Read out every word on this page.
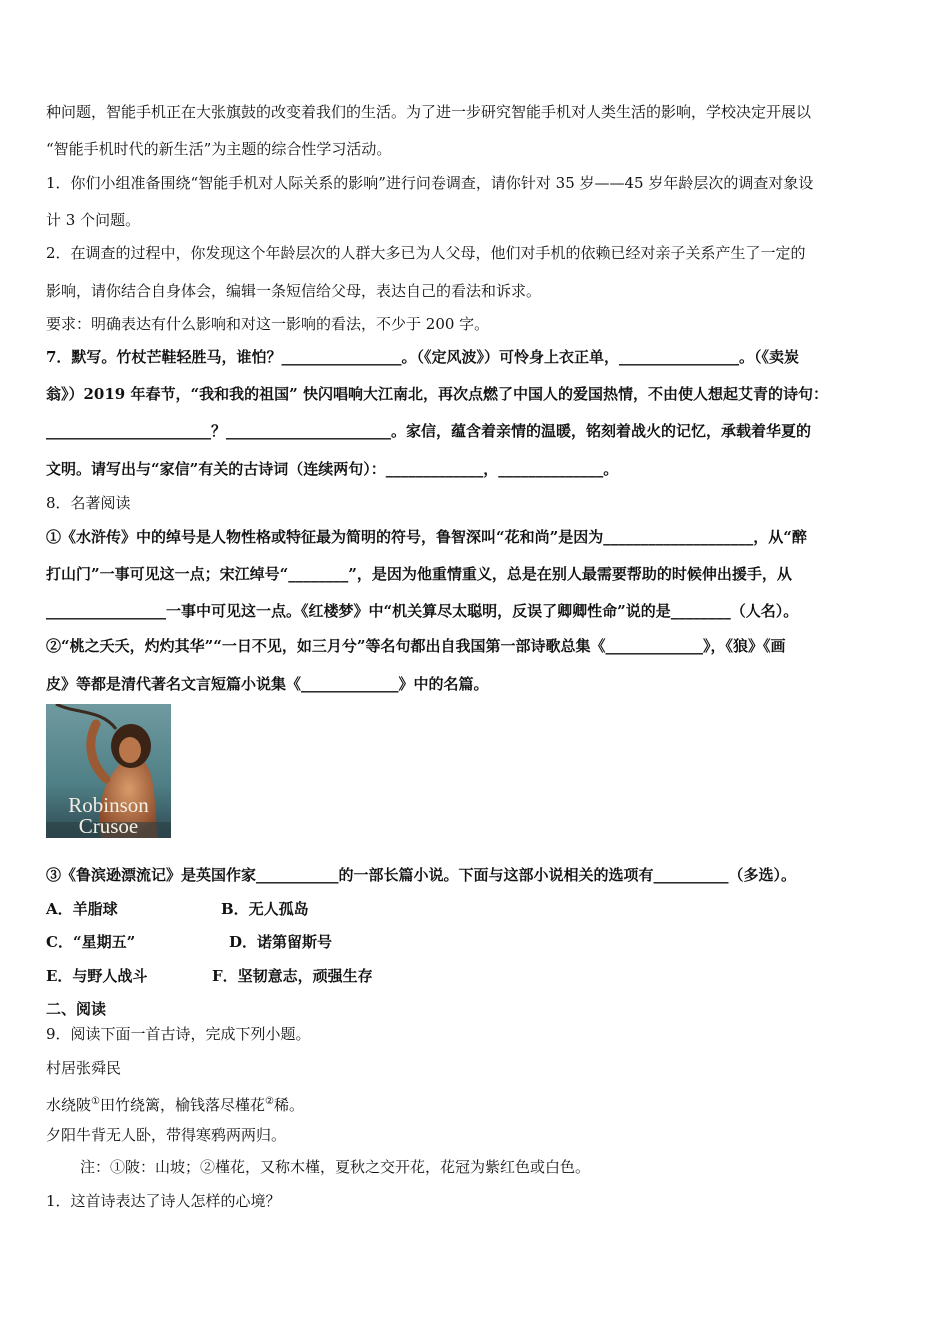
种问题，智能手机正在大张旗鼓的改变着我们的生活。为了进一步研究智能手机对人类生活的影响，学校决定开展以
“智能手机时代的新生活”为主题的综合性学习活动。
1．你们小组准备围绕“智能手机对人际关系的影响”进行问卷调查，请你针对 35 岁——45 岁年龄层次的调查对象设
计 3 个问题。
2．在调查的过程中，你发现这个年龄层次的人群大多已为人父母，他们对手机的依赖已经对亲子关系产生了一定的
影响，请你结合自身体会，编辑一条短信给父母，表达自己的看法和诉求。
要求：明确表达有什么影响和对这一影响的看法，不少于 200 字。
7．默写。竹杖芒鞋轻胜马，谁怕？________________。（《定风波》）可怜身上衣正单，________________。（《卖炭
翁》）2019 年春节，“我和我的祖国” 快闪唱响大江南北，再次点燃了中国人的爱国热情，不由使人想起艾青的诗句：
______________________？______________________。家信，蕴含着亲情的温暖，铭刻着战火的记忆，承载着华夏的
文明。请写出与“家信”有关的古诗词（连续两句）：_____________，______________。
8．名著阅读
①《水浒传》中的绰号是人物性格或特征最为简明的符号，鲁智深叫“花和尚”是因为____________________，从“醉
打山门”一事可见这一点；宋江绰号“________”，是因为他重情重义，总是在别人最需要帮助的时候伸出援手，从
________________一事中可见这一点。《红楼梦》中“机关算尽太聪明，反误了卿卿性命”说的是________（人名）。
②“桃之夭夭，灼灼其华”“一日不见，如三月兮”等名句都出自我国第一部诗歌总集《_____________》，《狼》《画
皮》等都是清代著名文言短篇小说集《_____________》中的名篇。
Robinson
Crusoe
③《鲁滨逊漂流记》是英国作家___________的一部长篇小说。下面与这部小说相关的选项有__________（多选）。
A．羊脂球	B．无人孤岛
C．“星期五”	D．诺第留斯号
E．与野人战斗	F．坚韧意志，顽强生存
二、阅读
9．阅读下面一首古诗，完成下列小题。
村居张舜民
水绕陂①田竹绕篱，榆钱落尽槿花②稀。
夕阳牛背无人卧，带得寒鸦两两归。
注：①陂：山坡；②槿花，又称木槿，夏秋之交开花，花冠为紫红色或白色。
1．这首诗表达了诗人怎样的心境？
